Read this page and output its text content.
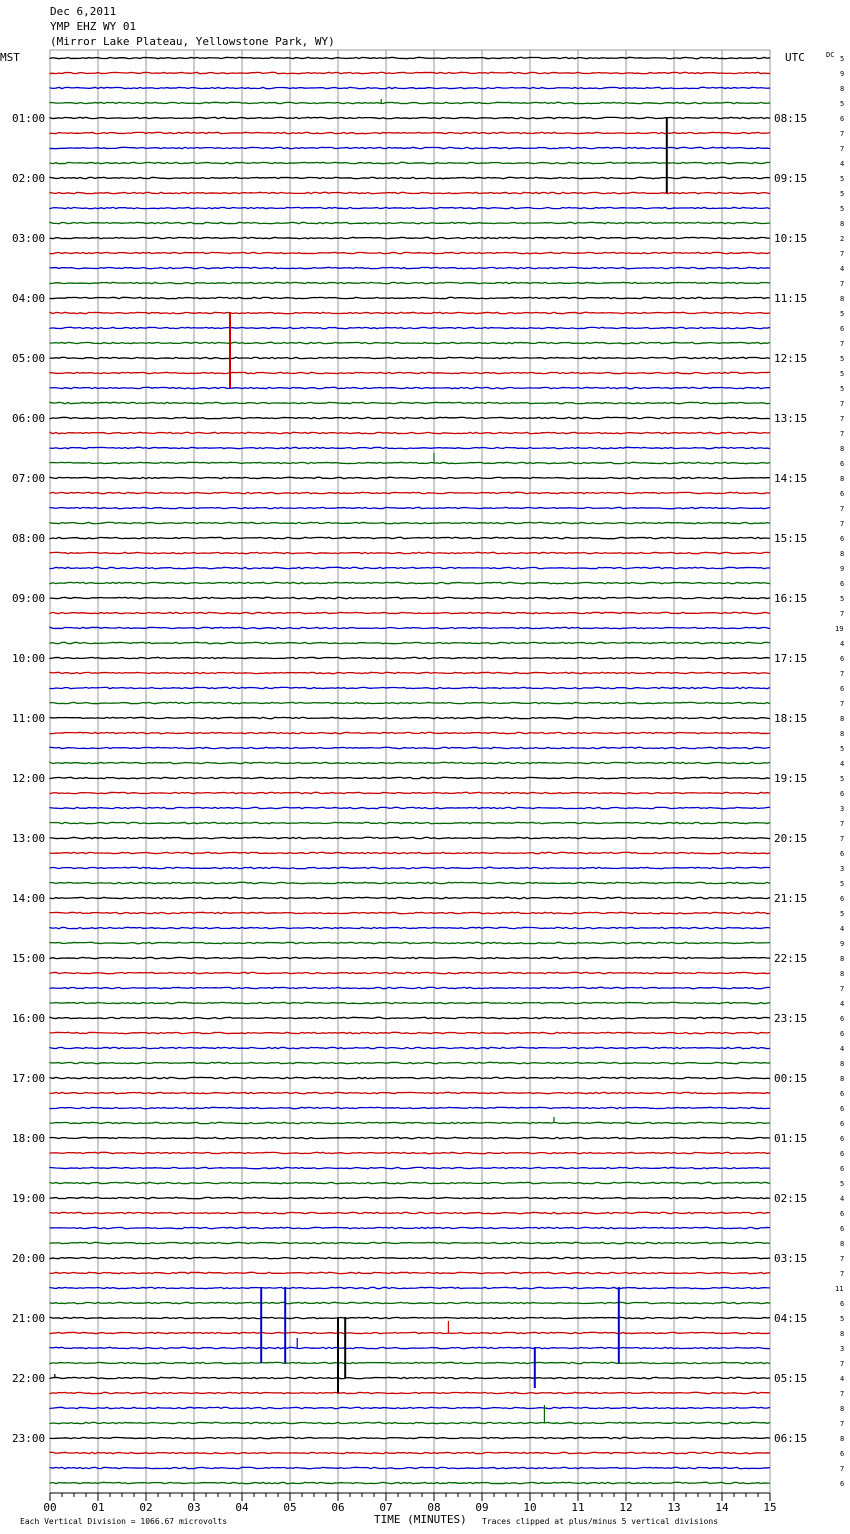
Dec 6,2011
YMP EHZ WY 01
(Mirror Lake Plateau, Yellowstone Park, WY)
01:00	08:15
02:00	09:15
03:00	10:15
04:00	11:15
05:00	12:15
06:00	13:15
07:00	14:15
08:00	15:15
09:00	16:15
10:00	17:15
11:00	18:15
12:00	19:15
13:00	20:15
14:00	21:15
15:00	22:15
16:00	23:15
17:00	00:15
18:00	01:15
19:00	02:15
20:00	03:15
21:00	04:15
22:00	05:15
23:00	06:15
5
9
8
5
6
7
7
4
5
5
5
8
2
7
4
7
8
5
6
7
5
5
5
7
7
7
8
6
8
6
7
7
6
8
9
6
5
7
19
4
6
7
6
7
8
8
5
4
5
6
3
7
7
6
3
5
6
5
4
9
8
8
7
4
6
6
4
8
8
6
6
6
6
6
6
5
4
6
6
8
7
7
11
6
5
8
3
7
4
7
8
7
8
6
7
6
00	01	02	03	04	05	06	07	08	09	10	11	12	13	14	15
MST	UTC	DC
Each Vertical Division = 1066.67 microvolts	TIME (MINUTES) Traces clipped at plus/minus 5 vertical divisions
